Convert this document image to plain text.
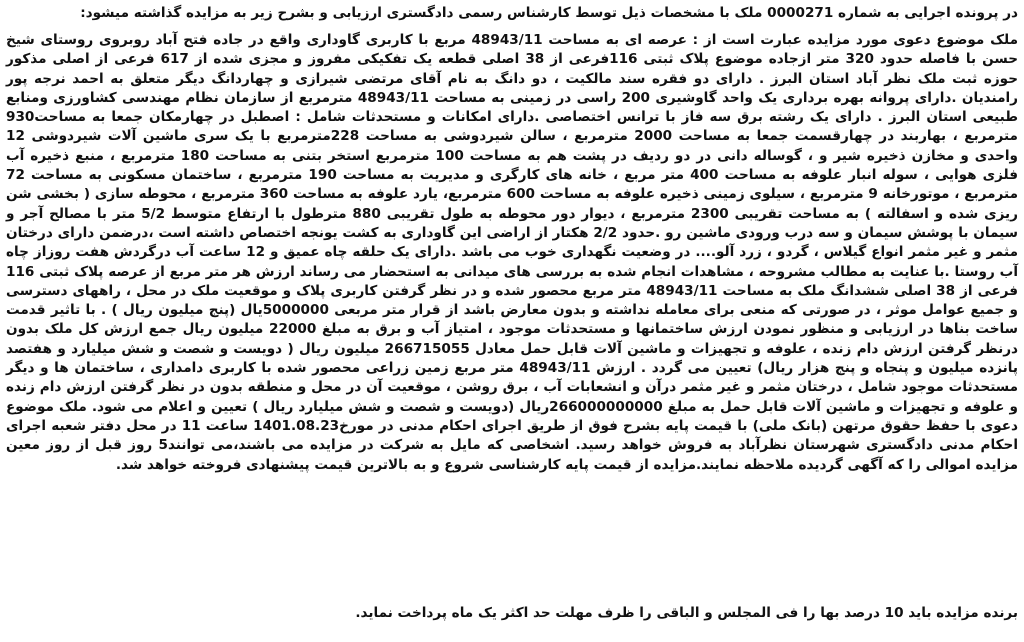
در پرونده اجرایی به شماره 0000271 ملک با مشخصات ذیل توسط کارشناس رسمی دادگستری ارزیابی و بشرح زیر به مزایده گذاشته میشود:

ملک موضوع دعوی مورد مزایده عبارت است از : عرصه ای به مساحت 48943/11 مربع با کاربری گاوداری واقع در جاده فتح آباد روبروی روستای شیخ حسن با فاصله حدود 320 متر ازجاده موضوع پلاک ثبتی 116فرعی از 38 اصلی قطعه یک تفکیکی مفروز و مجزی شده از 617 فرعی از اصلی مذکور حوزه ثبت ملک نظر آباد استان البرز . دارای دو فقره سند مالکیت ، دو دانگ به نام آقای مرتضی شیرازی و چهاردانگ دیگر متعلق به احمد نرجه پور رامندیان .دارای پروانه بهره برداری یک واحد گاوشیری 200 راسی در زمینی به مساحت 48943/11 مترمربع از سازمان نظام مهندسی کشاورزی ومنابع طبیعی استان البرز . دارای یک رشته برق سه فاز با ترانس اختصاصی .دارای امکانات و مستحدثات شامل : اصطبل در چهارمکان جمعا به مساحت930 مترمربع ، بهاربند در چهارقسمت جمعا به مساحت 2000 مترمربع ، سالن شیردوشی به مساحت 228مترمربع با یک سری ماشین آلات شیردوشی 12 واحدی و مخازن ذخیره شیر و ، گوساله دانی در دو ردیف در پشت هم به مساحت 100 مترمربع استخر بتنی به مساحت 180 مترمربع ، منبع ذخیره آب فلزی هوایی ، سوله انبار علوفه به مساحت 400 متر مربع ، خانه های کارگری و مدیریت به مساحت 190 مترمربع ، ساختمان مسکونی به مساحت 72 مترمربع ، موتورخانه 9 مترمربع ، سیلوی زمینی ذخیره علوفه به مساحت 600 مترمربع، یارد علوفه به مساحت 360 مترمربع ، محوطه سازی ( بخشی شن ریزی شده و اسفالته ) به مساحت تقریبی 2300 مترمربع ، دیوار دور محوطه به طول تقریبی 880 مترطول با ارتفاع متوسط 5/2 متر با مصالح آجر و سیمان با پوشش سیمان و سه درب ورودی ماشین رو .حدود 2/2 هکتار از اراضی این گاوداری به کشت یونجه اختصاص داشته است ،درضمن دارای درختان مثمر و غیر مثمر انواع گیلاس ، گردو ، زرد آلو.... در وضعیت نگهداری خوب می باشد .دارای یک حلقه چاه عمیق و 12 ساعت آب درگردش هفت روزاز چاه آب روستا .با عنایت به مطالب مشروحه ، مشاهدات انجام شده به بررسی های میدانی به استحضار می رساند ارزش هر متر مربع از عرصه پلاک ثبتی 116 فرعی از 38 اصلی ششدانگ ملک به مساحت 48943/11 متر مربع محصور شده و در نظر گرفتن کاربری پلاک و موقعیت ملک در محل ، راههای دسترسی و جمیع عوامل موثر ، در صورتی که منعی برای معامله نداشته و بدون معارض باشد از قرار متر مربعی 5000000یال (پنج میلیون ریال ) . با تاثیر قدمت ساخت بناها در ارزیابی و منظور نمودن ارزش ساختمانها و مستحدثات موجود ، امتیاز آب و برق به مبلغ 22000 میلیون ریال جمع ارزش کل ملک بدون درنظر گرفتن ارزش دام زنده ، علوفه و تجهیزات و ماشین آلات قابل حمل معادل 266715055 میلیون ریال ( دویست و شصت و شش میلیارد و هفتصد پانزده میلیون و پنجاه و پنج هزار ریال) تعیین می گردد . ارزش 48943/11 متر مربع زمین زراعی محصور شده با کاربری دامداری ، ساختمان ها و دیگر مستحدثات موجود شامل ، درختان مثمر و غیر مثمر درآن و انشعابات آب ، برق روشن ، موقعیت آن در محل و منطقه بدون در نظر گرفتن ارزش دام زنده و علوفه و تجهیزات و ماشین آلات قابل حمل به مبلغ 266000000000ریال (دویست و شصت و شش میلیارد ریال ) تعیین و اعلام می شود. ملک موضوع دعوی با حفظ حقوق مرتهن (بانک ملی) با قیمت پایه بشرح فوق از طریق اجرای احکام مدنی در مورخ1401.08.23 ساعت 11 در محل دفتر شعبه اجرای احکام مدنی دادگستری شهرستان نظرآباد به فروش خواهد رسید. اشخاصی که مایل به شرکت در مزایده می باشند،می توانند5 روز قبل از روز معین مزایده اموالی را که آگهی گردیده ملاحظه نمایند.مزایده از قیمت پایه کارشناسی شروع و به بالاترین قیمت پیشنهادی فروخته خواهد شد.

برنده مزایده باید 10 درصد بها را فی المجلس و الباقی را ظرف مهلت حد اکثر یک ماه پرداخت نماید.
